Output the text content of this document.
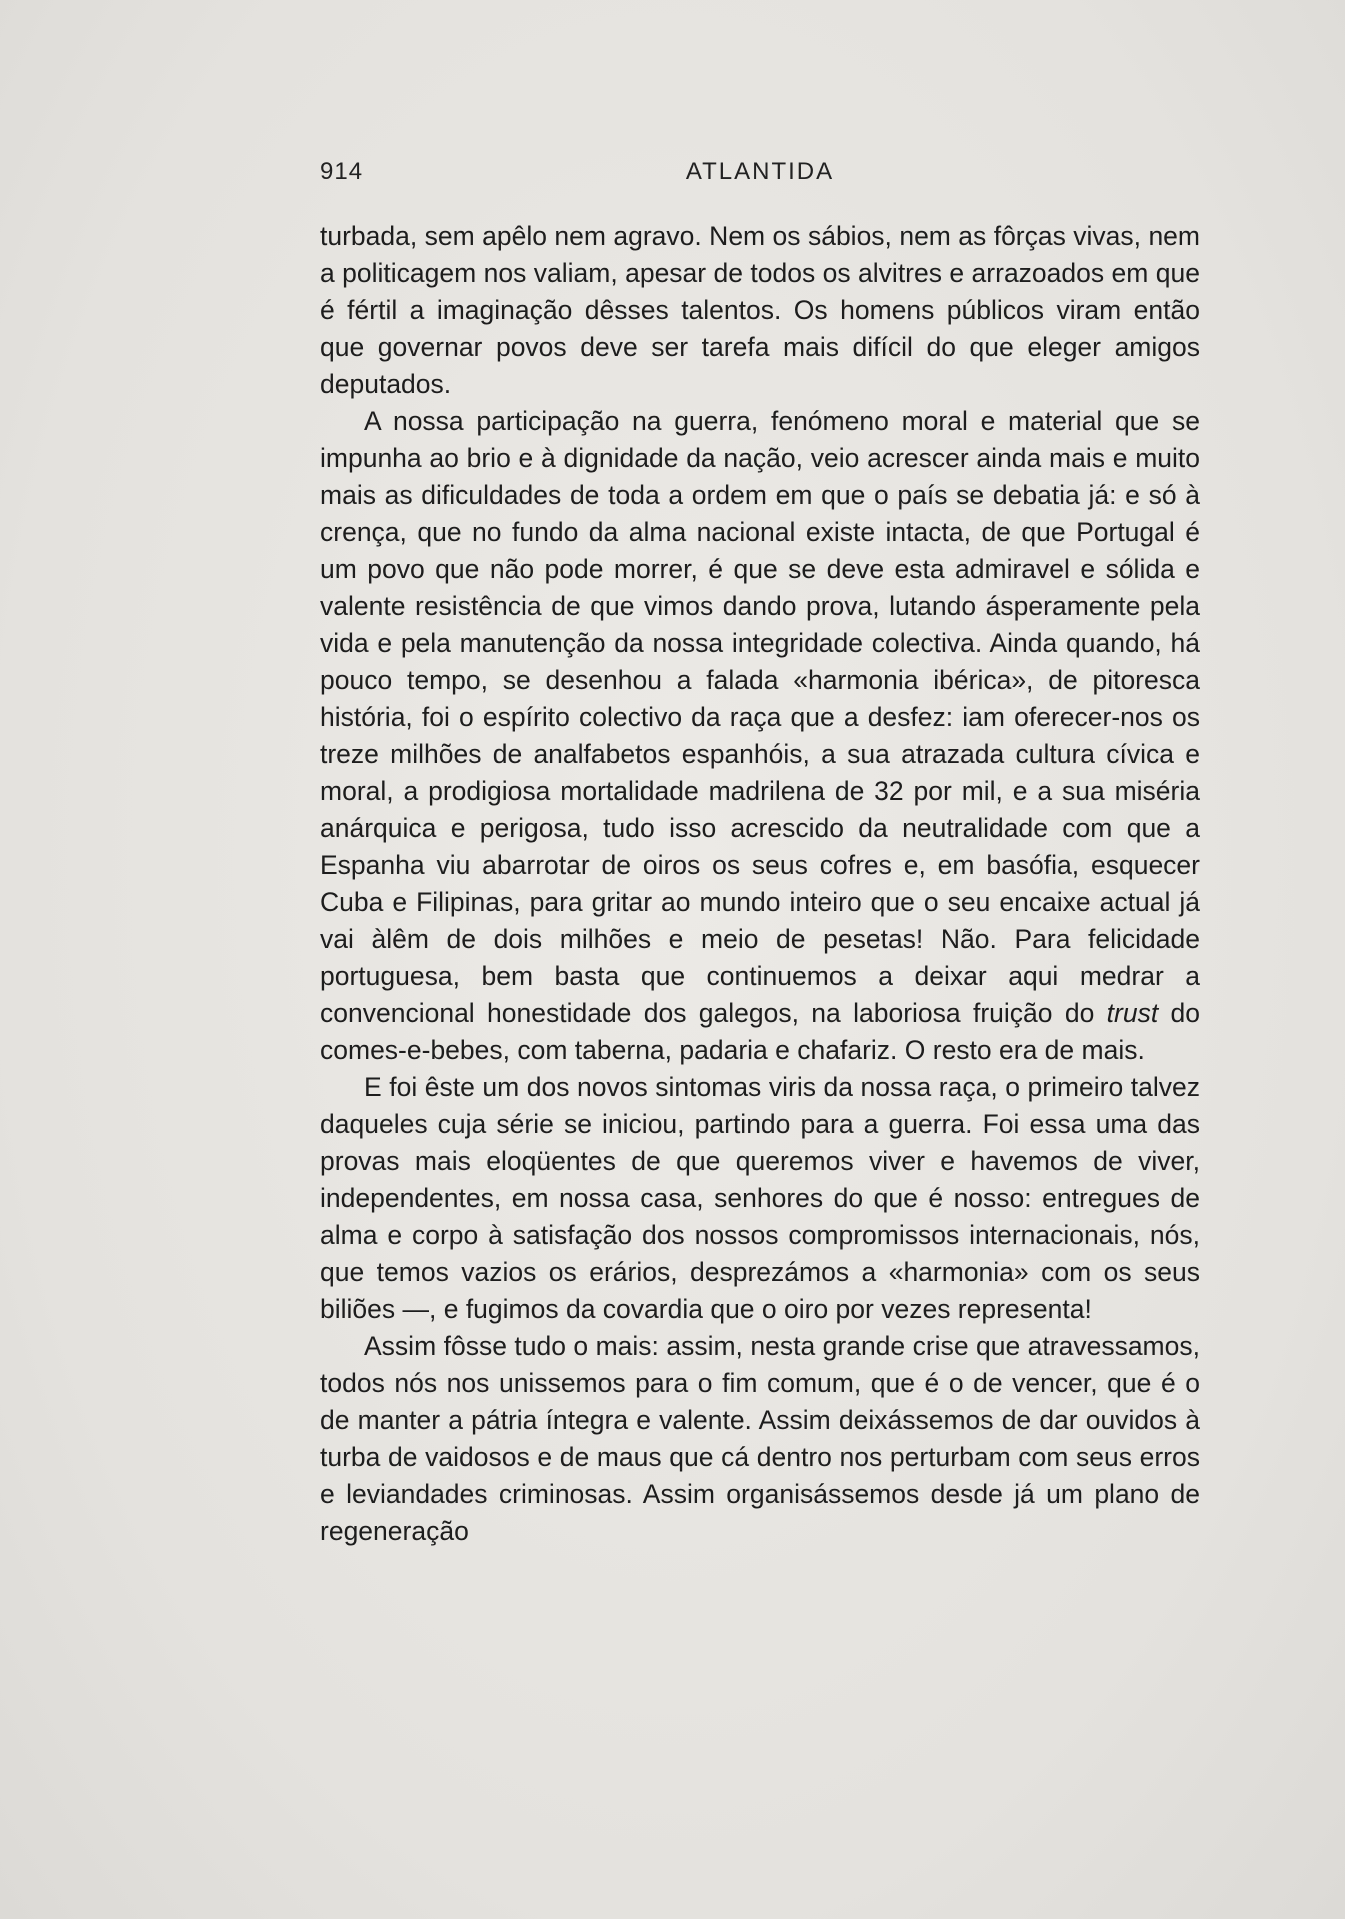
914	ATLANTIDA

turbada, sem apêlo nem agravo. Nem os sábios, nem as fôrças vivas, nem a politicagem nos valiam, apesar de todos os alvitres e arrazoados em que é fértil a imaginação dêsses talentos. Os homens públicos viram então que governar povos deve ser tarefa mais difícil do que eleger amigos deputados.

A nossa participação na guerra, fenómeno moral e material que se impunha ao brio e à dignidade da nação, veio acrescer ainda mais e muito mais as dificuldades de toda a ordem em que o país se debatia já: e só à crença, que no fundo da alma nacional existe intacta, de que Portugal é um povo que não pode morrer, é que se deve esta admiravel e sólida e valente resistência de que vimos dando prova, lutando ásperamente pela vida e pela manutenção da nossa integridade colectiva. Ainda quando, há pouco tempo, se desenhou a falada «harmonia ibérica», de pitoresca história, foi o espírito colectivo da raça que a desfez: iam oferecer-nos os treze milhões de analfabetos espanhóis, a sua atrazada cultura cívica e moral, a prodigiosa mortalidade madrilena de 32 por mil, e a sua miséria anárquica e perigosa, tudo isso acrescido da neutralidade com que a Espanha viu abarrotar de oiros os seus cofres e, em basófia, esquecer Cuba e Filipinas, para gritar ao mundo inteiro que o seu encaixe actual já vai àlêm de dois milhões e meio de pesetas! Não. Para felicidade portuguesa, bem basta que continuemos a deixar aqui medrar a convencional honestidade dos galegos, na laboriosa fruição do trust do comes-e-bebes, com taberna, padaria e chafariz. O resto era de mais.

E foi êste um dos novos sintomas viris da nossa raça, o primeiro talvez daqueles cuja série se iniciou, partindo para a guerra. Foi essa uma das provas mais eloqüentes de que queremos viver e havemos de viver, independentes, em nossa casa, senhores do que é nosso: entregues de alma e corpo à satisfação dos nossos compromissos internacionais, nós, que temos vazios os erários, desprezámos a «harmonia» com os seus biliões —, e fugimos da covardia que o oiro por vezes representa!

Assim fôsse tudo o mais: assim, nesta grande crise que atravessamos, todos nós nos unissemos para o fim comum, que é o de vencer, que é o de manter a pátria íntegra e valente. Assim deixássemos de dar ouvidos à turba de vaidosos e de maus que cá dentro nos perturbam com seus erros e leviandades criminosas. Assim organisássemos desde já um plano de regeneração
